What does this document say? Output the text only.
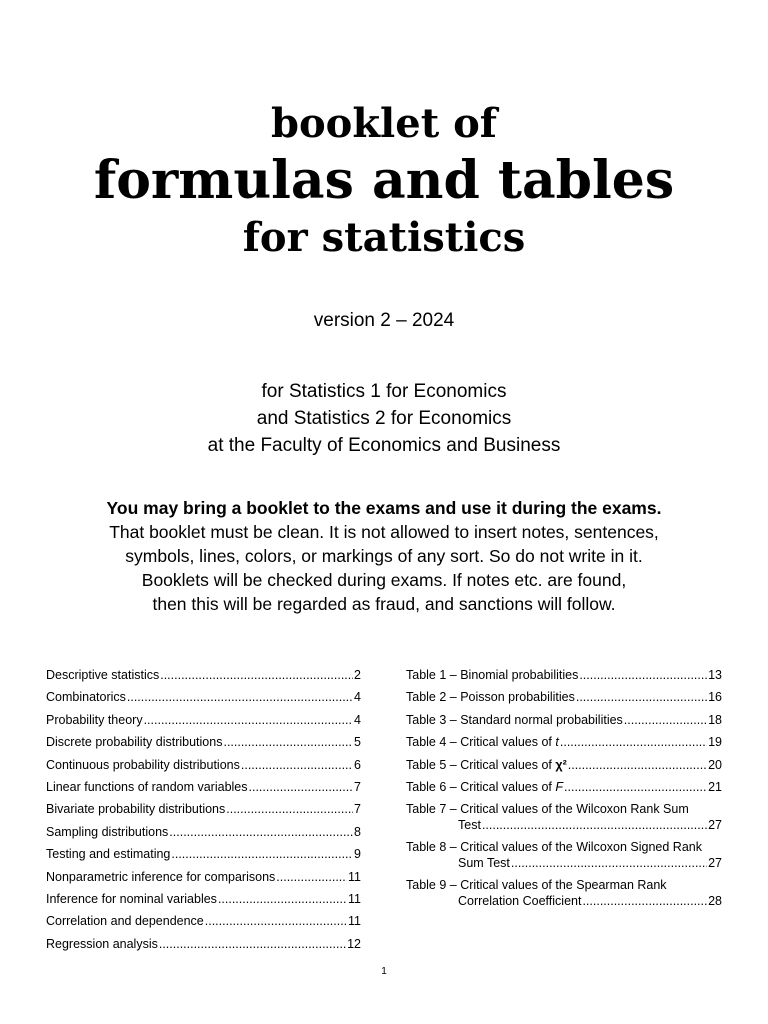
booklet of
formulas and tables
for statistics
version 2 – 2024
for Statistics 1 for Economics
and Statistics 2 for Economics
at the Faculty of Economics and Business
You may bring a booklet to the exams and use it during the exams.
That booklet must be clean. It is not allowed to insert notes, sentences,
symbols, lines, colors, or markings of any sort. So do not write in it.
Booklets will be checked during exams. If notes etc. are found,
then this will be regarded as fraud, and sanctions will follow.
Descriptive statistics .....	2
Combinatorics .....	4
Probability theory .....	4
Discrete probability distributions .....	5
Continuous probability distributions .....	6
Linear functions of random variables .....	7
Bivariate probability distributions .....	7
Sampling distributions .....	8
Testing and estimating .....	9
Nonparametric inference for comparisons .....	11
Inference for nominal variables .....	11
Correlation and dependence .....	11
Regression analysis .....	12
Table 1 – Binomial probabilities .....	13
Table 2 – Poisson probabilities .....	16
Table 3 – Standard normal probabilities .....	18
Table 4 – Critical values of t .....	19
Table 5 – Critical values of χ² .....	20
Table 6 – Critical values of F .....	21
Table 7 – Critical values of the Wilcoxon Rank Sum
Test .....	27
Table 8 – Critical values of the Wilcoxon Signed Rank
Sum Test .....	27
Table 9 – Critical values of the Spearman Rank
Correlation Coefficient .....	28
1
